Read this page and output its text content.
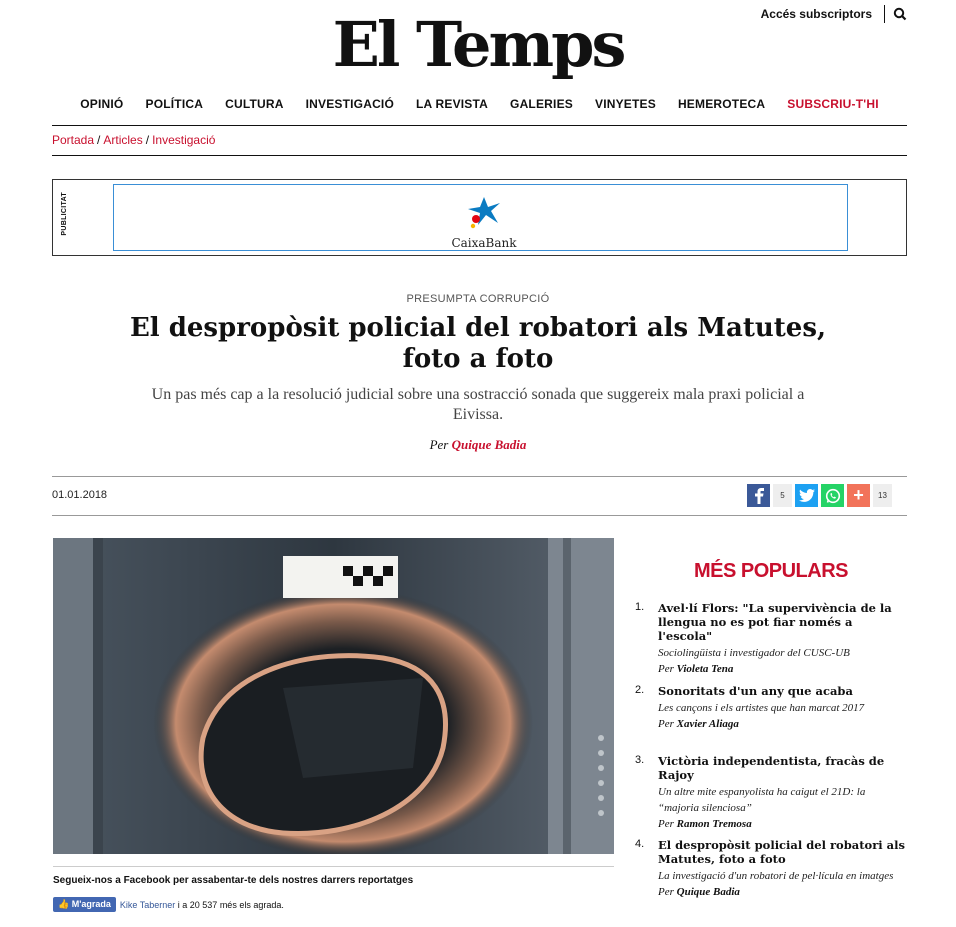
Accés subscriptors
El Temps
OPINIÓ POLÍTICA CULTURA INVESTIGACIÓ LA REVISTA GALERIES VINYETES HEMEROTECA SUBSCRIU-T'HI
Portada / Articles / Investigació
PUBLICITAT
CaixaBank
PRESUMPTA CORRUPCIÓ
El despropòsit policial del robatori als Matutes, foto a foto

Un pas més cap a la resolució judicial sobre una sostracció sonada que suggereix mala praxi policial a Eivissa.

Per Quique Badia
01.01.2018	5	+	13
Segueix-nos a Facebook per assabentar-te dels nostres darrers reportatges
👍 M'agrada	Kike Taberner
i a 20 537 més els agrada.
MÉS POPULARS
1. Avel·lí Flors: "La supervivència de la llengua no es pot fiar només a l'escola"
Sociolingüista i investigador del CUSC-UB
Per Violeta Tena
2. Sonoritats d'un any que acaba
Les cançons i els artistes que han marcat 2017
Per Xavier Aliaga
3. Victòria independentista, fracàs de Rajoy
Un altre mite espanyolista ha caigut el 21D: la “majoria silenciosa”
Per Ramon Tremosa
4. El despropòsit policial del robatori als Matutes, foto a foto
La investigació d'un robatori de pel·lícula en imatges
Per Quique Badia
